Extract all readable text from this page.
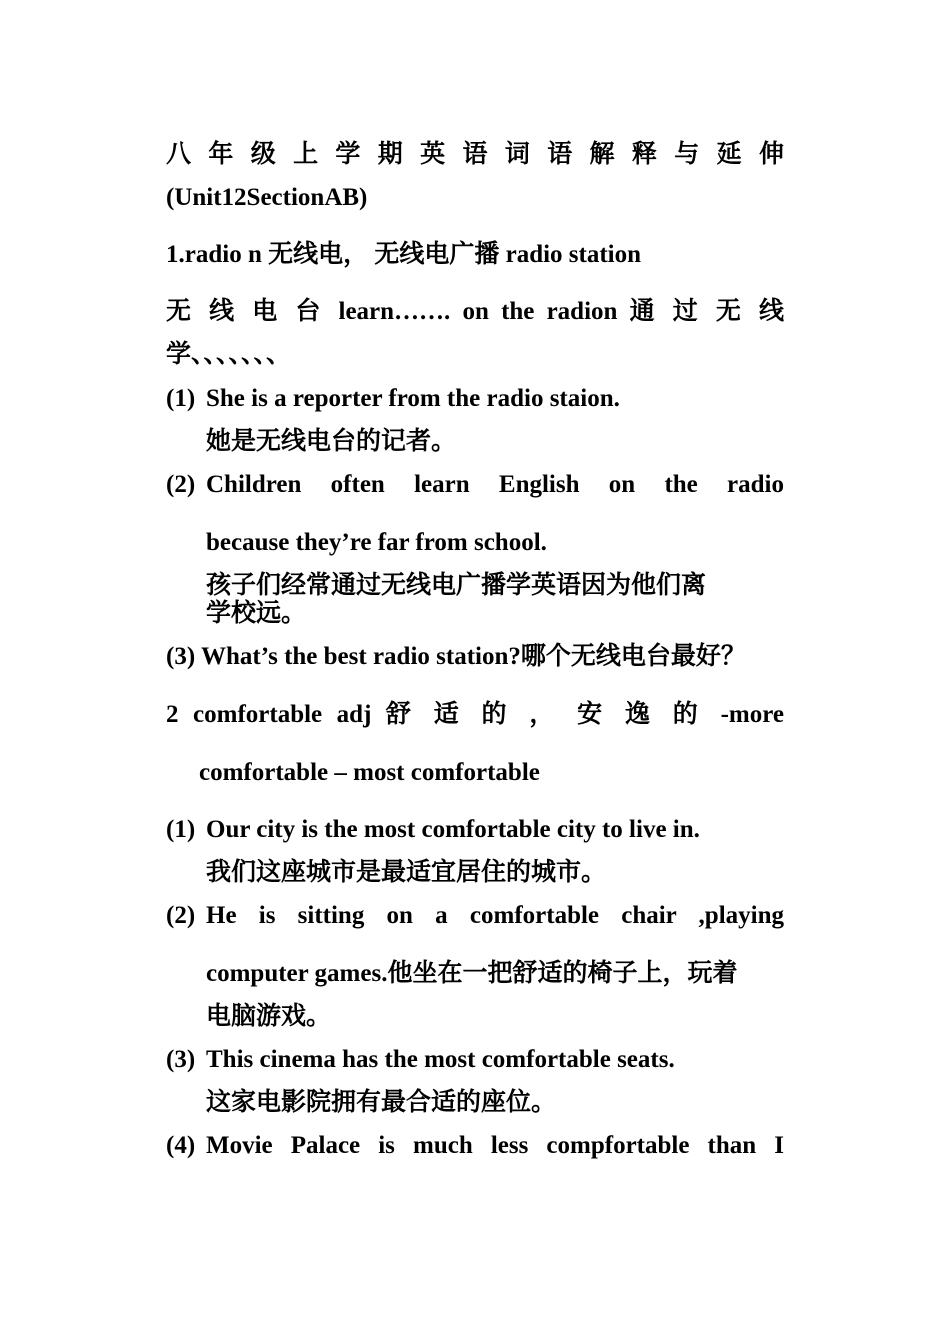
八 年 级 上 学 期 英 语 词 语 解 释 与 延 伸
(Unit12SectionAB)
1.radio n 无线电， 无线电广播 radio station
无 线 电 台 learn……. on the radion 通 过 无 线
学、、、、、、、
(1) She is a reporter from the radio staion.
她是无线电台的记者。
(2) Children often learn English on the radio
because they’re far from school.
孩子们经常通过无线电广播学英语因为他们离
学校远。
(3) What’s the best radio station?哪个无线电台最好？
2 comfortable adj 舒 适 的 ， 安 逸 的 -more
comfortable – most comfortable
(1) Our city is the most comfortable city to live in.
我们这座城市是最适宜居住的城市。
(2) He is sitting on a comfortable chair ,playing
computer games.他坐在一把舒适的椅子上，玩着
电脑游戏。
(3) This cinema has the most comfortable seats.
这家电影院拥有最合适的座位。
(4) Movie Palace is much less compfortable than I
